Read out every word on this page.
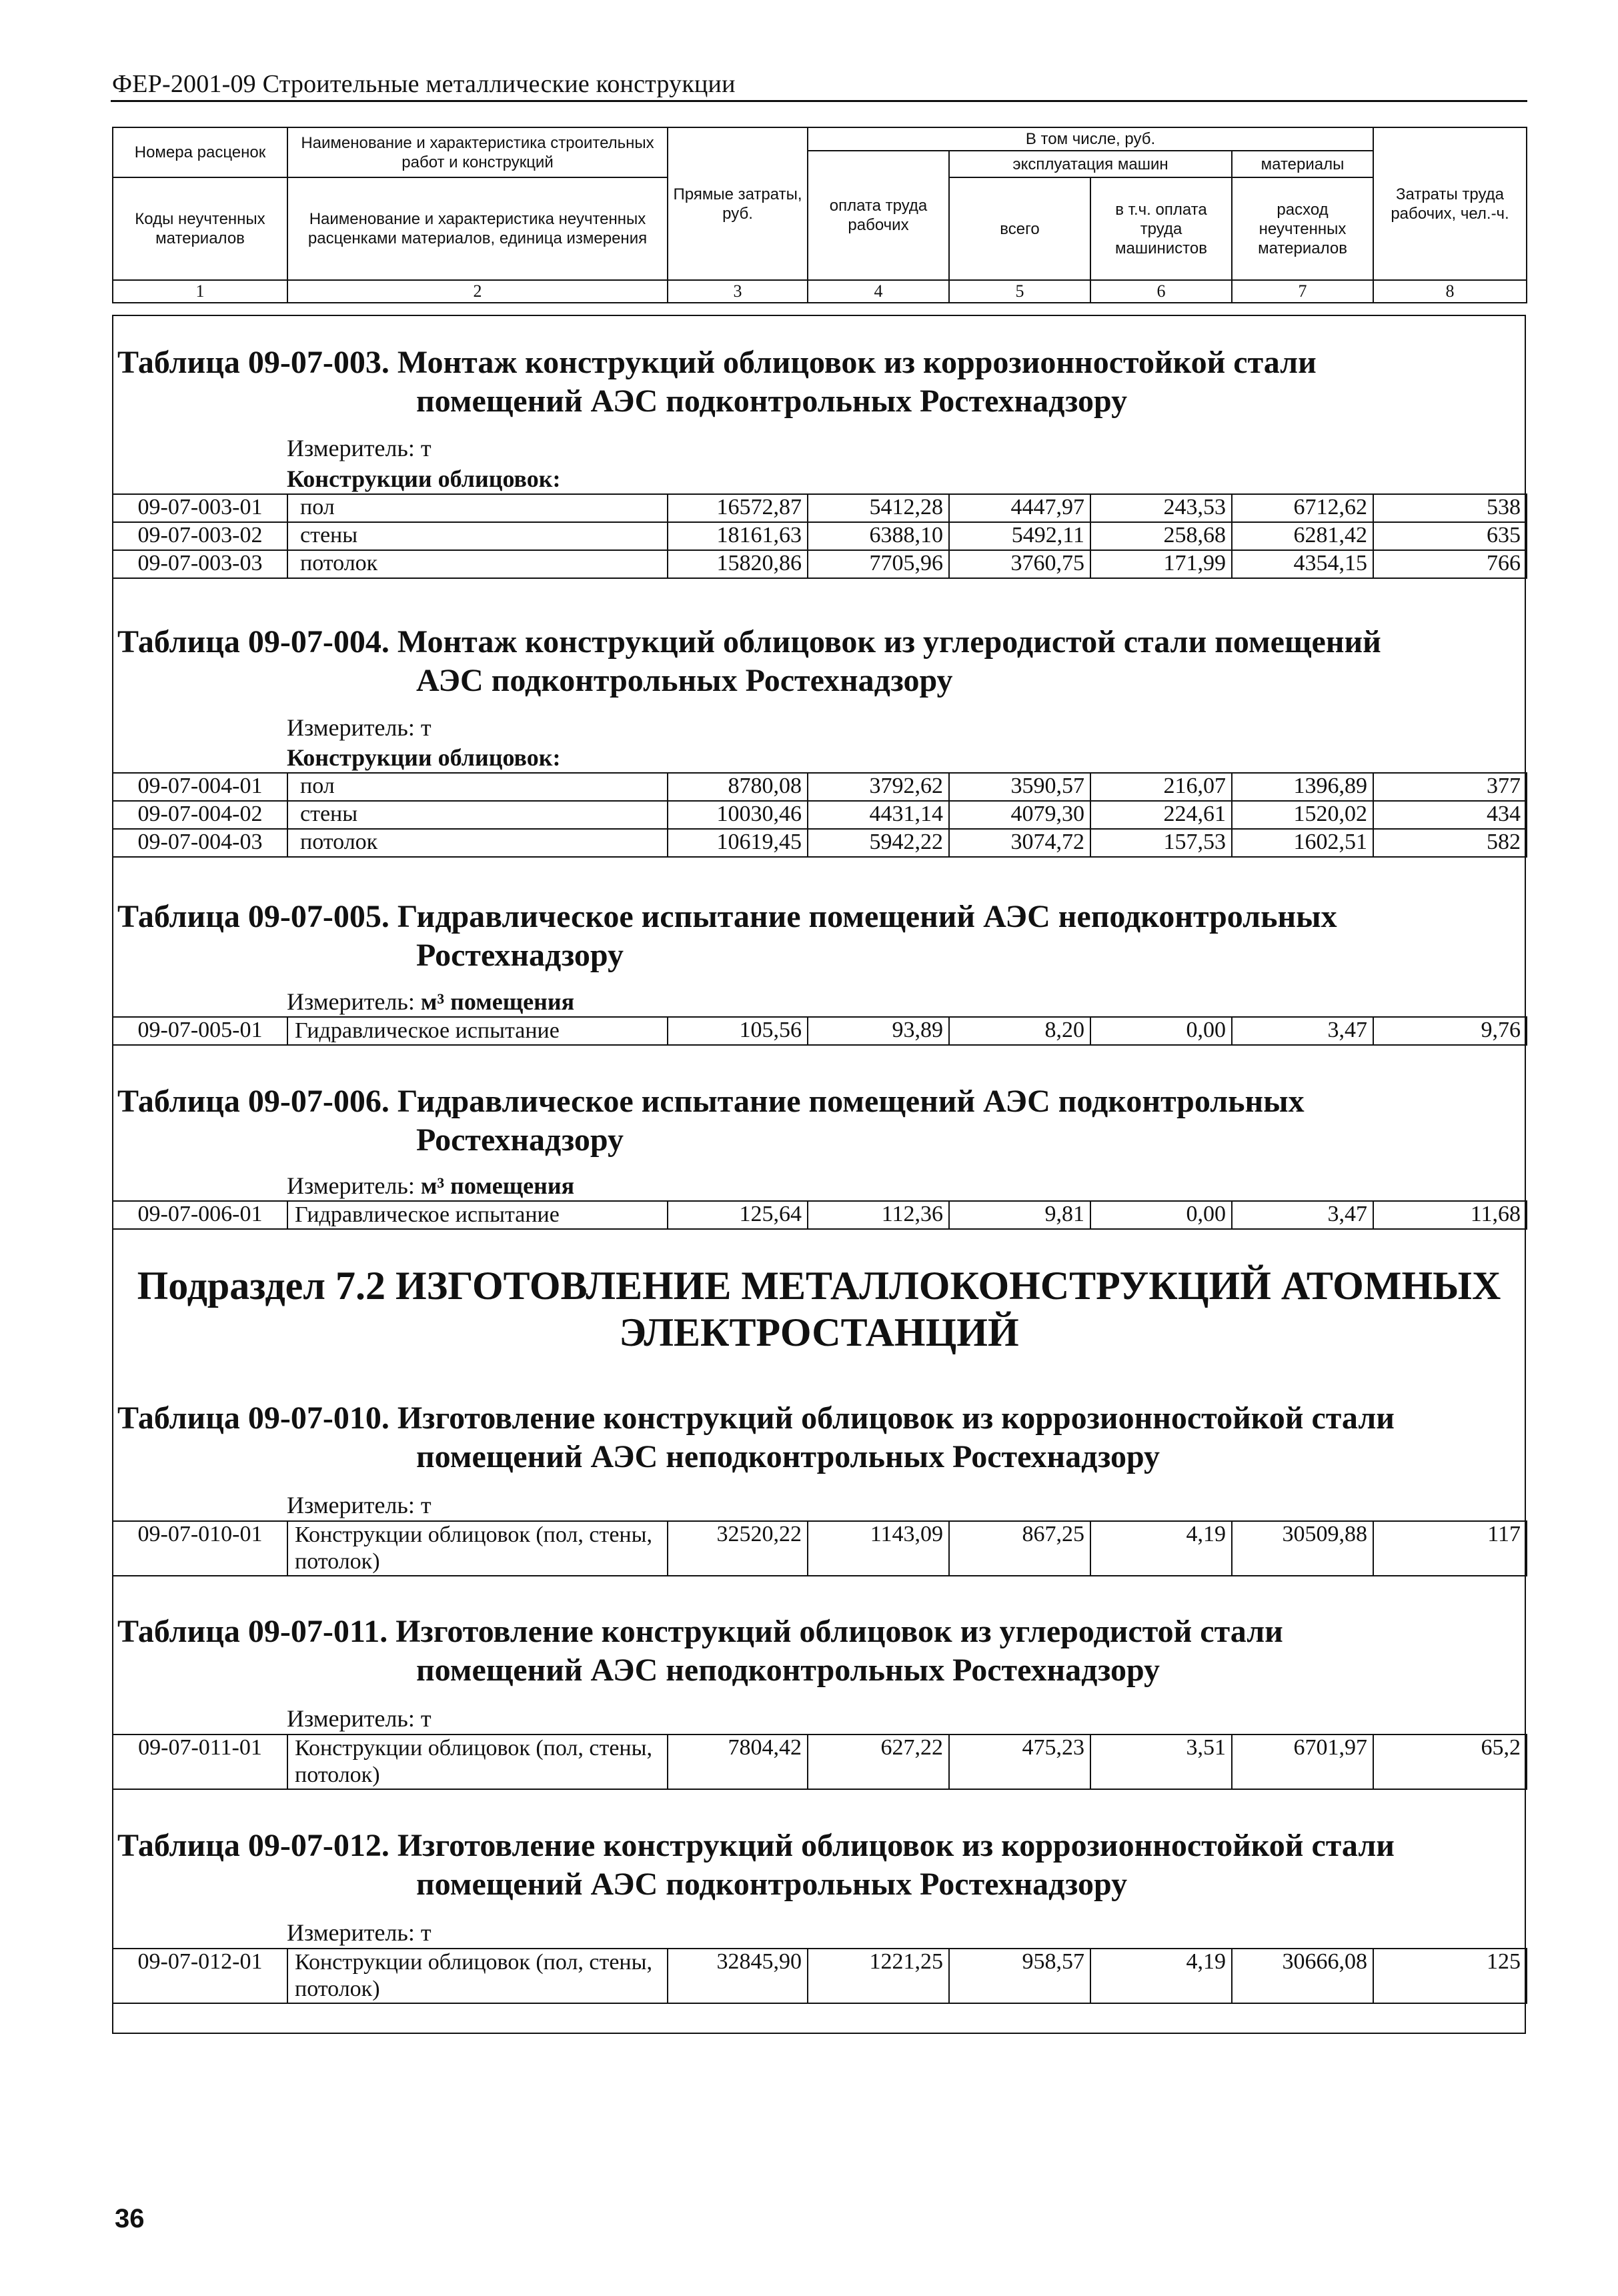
ФЕР-2001-09 Строительные металлические конструкции
Номера расценок	Наименование и характеристика строительных работ и конструкций	Прямые затраты, руб.	В том числе, руб.				Затраты труда рабочих, чел.-ч.
			оплата труда рабочих	эксплуатация машин		материалы	
Коды неучтенных материалов	Наименование и характеристика неучтенных расценками материалов, единица измерения			всего	в т.ч. оплата труда машинистов	расход неучтенных материалов	

1	2	3	4	5	6	7	8
Таблица 09-07-003. Монтаж конструкций облицовок из коррозионностойкой стали
помещений АЭС подконтрольных Ростехнадзору
Измеритель: т
Конструкции облицовок:
09-07-003-01	пол	16572,87	5412,28	4447,97	243,53	6712,62	538
09-07-003-02	стены	18161,63	6388,10	5492,11	258,68	6281,42	635
09-07-003-03	потолок	15820,86	7705,96	3760,75	171,99	4354,15	766
Таблица 09-07-004. Монтаж конструкций облицовок из углеродистой стали помещений
АЭС подконтрольных Ростехнадзору
Измеритель: т
Конструкции облицовок:
09-07-004-01	пол	8780,08	3792,62	3590,57	216,07	1396,89	377
09-07-004-02	стены	10030,46	4431,14	4079,30	224,61	1520,02	434
09-07-004-03	потолок	10619,45	5942,22	3074,72	157,53	1602,51	582
Таблица 09-07-005. Гидравлическое испытание помещений АЭС неподконтрольных
Ростехнадзору
Измеритель: м³ помещения
09-07-005-01	Гидравлическое испытание	105,56	93,89	8,20	0,00	3,47	9,76
Таблица 09-07-006. Гидравлическое испытание помещений АЭС подконтрольных
Ростехнадзору
Измеритель: м³ помещения
09-07-006-01	Гидравлическое испытание	125,64	112,36	9,81	0,00	3,47	11,68
Подраздел 7.2 ИЗГОТОВЛЕНИЕ МЕТАЛЛОКОНСТРУКЦИЙ АТОМНЫХ
ЭЛЕКТРОСТАНЦИЙ
Таблица 09-07-010. Изготовление конструкций облицовок из коррозионностойкой стали
помещений АЭС неподконтрольных Ростехнадзору
Измеритель: т
09-07-010-01	Конструкции облицовок (пол, стены, потолок)	32520,22	1143,09	867,25	4,19	30509,88	117
Таблица 09-07-011. Изготовление конструкций облицовок из углеродистой стали
помещений АЭС неподконтрольных Ростехнадзору
Измеритель: т
09-07-011-01	Конструкции облицовок (пол, стены, потолок)	7804,42	627,22	475,23	3,51	6701,97	65,2
Таблица 09-07-012. Изготовление конструкций облицовок из коррозионностойкой стали
помещений АЭС подконтрольных Ростехнадзору
Измеритель: т
09-07-012-01	Конструкции облицовок (пол, стены, потолок)	32845,90	1221,25	958,57	4,19	30666,08	125
36
